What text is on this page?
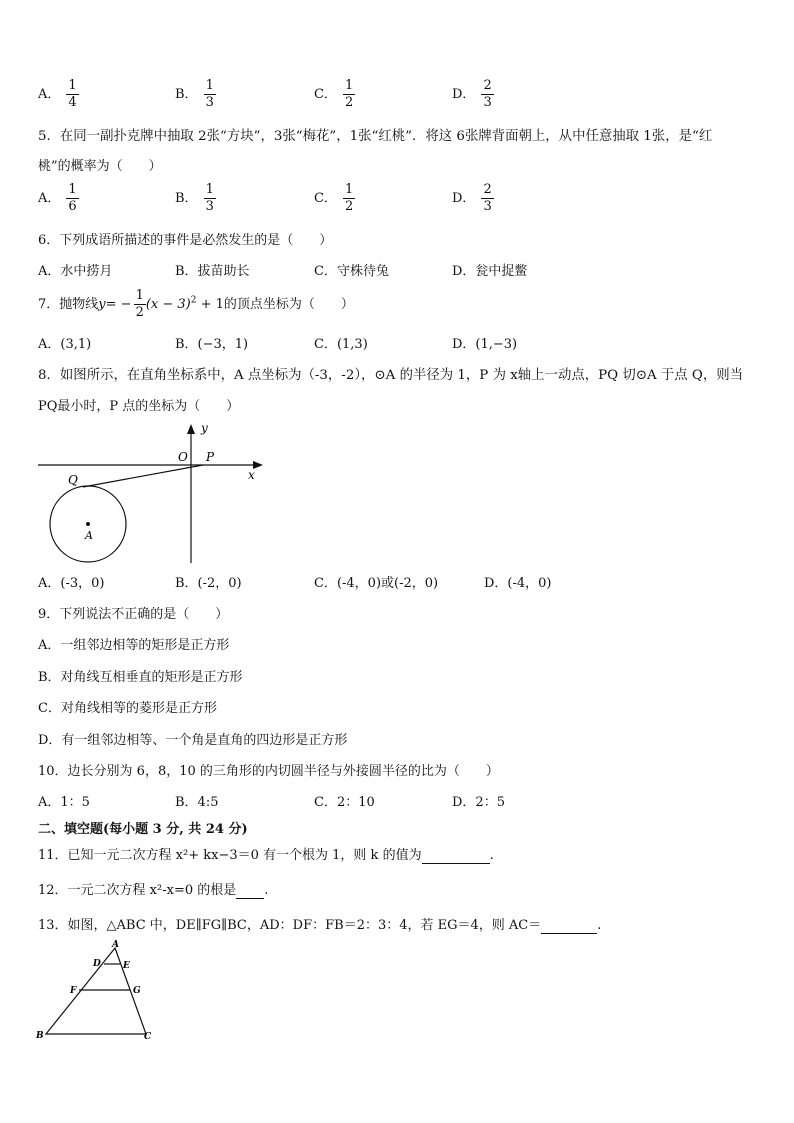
A． $\frac{1}{4}$	B． $\frac{1}{3}$	C． $\frac{1}{2}$	D． $\frac{2}{3}$
5．在同一副扑克牌中抽取 2张“方块”，3张“梅花”，1张“红桃”．将这 6张牌背面朝上，从中任意抽取 1张，是“红
桃”的概率为（　　）
A． $\frac{1}{6}$	B． $\frac{1}{3}$	C． $\frac{1}{2}$	D． $\frac{2}{3}$
6．下列成语所描述的事件是必然发生的是（　　）
A．水中捞月	B．拔苗助长	C．守株待兔	D．瓮中捉鳖
7．抛物线$y= - \frac{1}{2} (x - 3)^2 + 1$的顶点坐标为（　　）
A．(3,1)	B．(−3，1)	C．(1,3)	D．(1,−3)
8．如图所示，在直角坐标系中，A 点坐标为（-3，-2），⊙A 的半径为 1，P 为 x轴上一动点，PQ 切⊙A 于点 Q，则当
PQ最小时，P 点的坐标为（　　）
y
x
O P
Q
A
A．(-3，0)	B．(-2，0)	C．(-4，0)或(-2，0)	D．(-4，0)
9．下列说法不正确的是（　　）
A．一组邻边相等的矩形是正方形
B．对角线互相垂直的矩形是正方形
C．对角线相等的菱形是正方形
D．有一组邻边相等、一个角是直角的四边形是正方形
10．边长分别为 6，8，10 的三角形的内切圆半径与外接圆半径的比为（　　）
A．1：5	B．4:5	C．2：10	D．2：5
二、填空题(每小题 3 分, 共 24 分)
11．已知一元二次方程 x²+ kx−3＝0 有一个根为 1，则 k 的值为	.
12．一元二次方程 x²-x=0 的根是 .
13．如图，△ABC 中，DE∥FG∥BC，AD：DF：FB＝2：3：4，若 EG＝4，则 AC＝	.
A
D E
F	G
B	C
